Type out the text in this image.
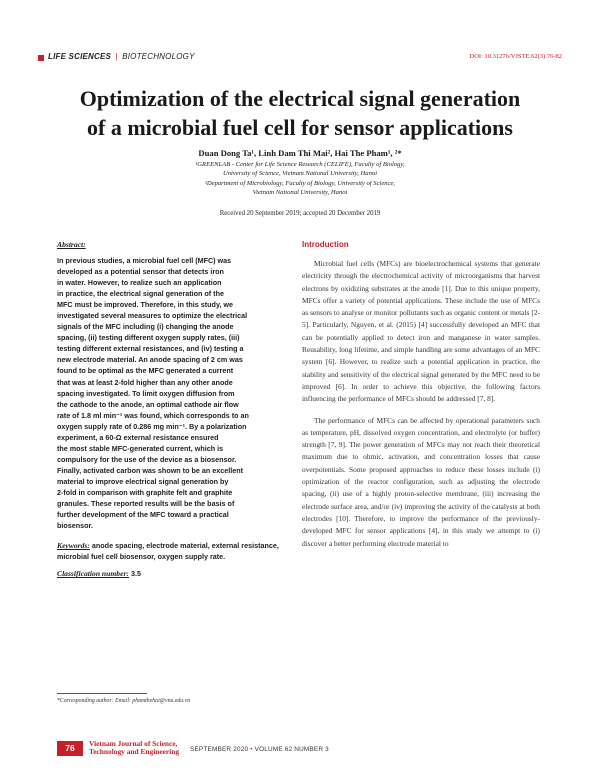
LIFE SCIENCES | BIOTECHNOLOGY	DOI: 10.31276/VJSTE.62(3).76-82
Optimization of the electrical signal generation
of a microbial fuel cell for sensor applications
Duan Dong Ta¹, Linh Dam Thi Mai², Hai The Pham¹, ²*
¹GREENLAB - Center for Life Science Research (CELIFE), Faculty of Biology,
University of Science, Vietnam National University, Hanoi
²Department of Microbiology, Faculty of Biology, University of Science,
Vietnam National University, Hanoi
Received 20 September 2019; accepted 20 December 2019
Abstract:
In previous studies, a microbial fuel cell (MFC) was
developed as a potential sensor that detects iron
in water. However, to realize such an application
in practice, the electrical signal generation of the
MFC must be improved. Therefore, in this study, we
investigated several measures to optimize the electrical
signals of the MFC including (i) changing the anode
spacing, (ii) testing different oxygen supply rates, (iii)
testing different external resistances, and (iv) testing a
new electrode material. An anode spacing of 2 cm was
found to be optimal as the MFC generated a current
that was at least 2-fold higher than any other anode
spacing investigated. To limit oxygen diffusion from
the cathode to the anode, an optimal cathode air flow
rate of 1.8 ml min⁻¹ was found, which corresponds to an
oxygen supply rate of 0.286 mg min⁻¹. By a polarization
experiment, a 60-Ω external resistance ensured
the most stable MFC-generated current, which is
compulsory for the use of the device as a biosensor.
Finally, activated carbon was shown to be an excellent
material to improve electrical signal generation by
2-fold in comparison with graphite felt and graphite
granules. These reported results will be the basis of
further development of the MFC toward a practical
biosensor.
Keywords: anode spacing, electrode material, external resistance, microbial fuel cell biosensor, oxygen supply rate.
Classification number: 3.5
Introduction

Microbial fuel cells (MFCs) are bioelectrochemical systems that generate electricity through the electrochemical activity of microorganisms that harvest electrons by oxidizing substrates at the anode [1]. Due to this unique property, MFCs offer a variety of potential applications. These include the use of MFCs as sensors to analyse or monitor pollutants such as organic content or metals [2-5]. Particularly, Nguyen, et al. (2015) [4] successfully developed an MFC that can be potentially applied to detect iron and manganese in water samples. Reusability, long lifetime, and simple handling are some advantages of an MFC system [6]. However, to realize such a potential application in practice, the stability and sensitivity of the electrical signal generated by the MFC need to be improved [6]. In order to achieve this objective, the following factors influencing the performance of MFCs should be addressed [7, 8].

The performance of MFCs can be affected by operational parameters such as temperature, pH, dissolved oxygen concentration, and electrolyte (or buffer) strength [7, 9]. The power generation of MFCs may not reach their theoretical maximum due to ohmic, activation, and concentration losses that cause overpotentials. Some proposed approaches to reduce these losses include (i) optimization of the reactor configuration, such as adjusting the electrode spacing, (ii) use of a highly proton-selective membrane, (iii) increasing the electrode surface area, and/or (iv) improving the activity of the catalysts at both electrodes [10]. Therefore, to improve the performance of the previously-developed MFC for sensor applications [4], in this study we attempt to (i) discover a better performing electrode material to

*Corresponding author: Email: phamthehai@vnu.edu.vn
76	Vietnam Journal of Science,
Technology and Engineering SEPTEMBER 2020 • VOLUME 62 NUMBER 3
